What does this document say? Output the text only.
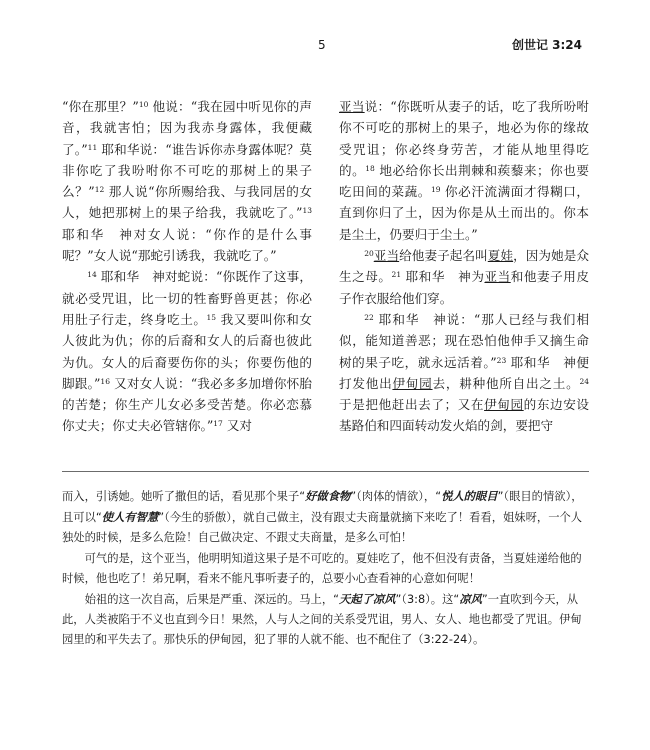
5	创世记 3:24

“你在那里？”$^{10}$ 他说：“我在园中听见你的声音，我就害怕；因为我赤身露体，我便藏了。”$^{11}$ 耶和华说：“谁告诉你赤身露体呢？莫非你吃了我吩咐你不可吃的那树上的果子么？”$^{12}$ 那人说“你所赐给我、与我同居的女人，她把那树上的果子给我，我就吃了。”$^{13}$ 耶和华　神对女人说：“你作的是什么事呢？”女人说“那蛇引诱我，我就吃了。”

$^{14}$ 耶和华　神对蛇说：“你既作了这事，就必受咒诅，比一切的牲畜野兽更甚；你必用肚子行走，终身吃土。$^{15}$ 我又要叫你和女人彼此为仇；你的后裔和女人的后裔也彼此为仇。女人的后裔要伤你的头；你要伤他的脚跟。”$^{16}$ 又对女人说：“我必多多加增你怀胎的苦楚；你生产儿女必多受苦楚。你必恋慕你丈夫；你丈夫必管辖你。”$^{17}$ 又对

亚当说：“你既听从妻子的话，吃了我所吩咐你不可吃的那树上的果子，地必为你的缘故受咒诅；你必终身劳苦，才能从地里得吃的。$^{18}$ 地必给你长出荆棘和蒺藜来；你也要吃田间的菜蔬。$^{19}$ 你必汗流满面才得糊口，直到你归了土，因为你是从土而出的。你本是尘土，仍要归于尘土。”

$^{20}$亚当给他妻子起名叫夏娃，因为她是众生之母。$^{21}$ 耶和华　神为亚当和他妻子用皮子作衣服给他们穿。

$^{22}$ 耶和华　神说：“那人已经与我们相似，能知道善恶；现在恐怕他伸手又摘生命树的果子吃，就永远活着。”$^{23}$ 耶和华　神便打发他出伊甸园去，耕种他所自出之土。$^{24}$ 于是把他赶出去了；又在伊甸园的东边安设基路伯和四面转动发火焰的剑，要把守

而入，引诱她。她听了撒但的话，看见那个果子“好做食物”（肉体的情欲），“悦人的眼目”（眼目的情欲），且可以“使人有智慧”（今生的骄傲），就自己做主，没有跟丈夫商量就摘下来吃了！看看，姐妹呀，一个人独处的时候，是多么危险！自己做决定、不跟丈夫商量，是多么可怕！

可气的是，这个亚当，他明明知道这果子是不可吃的。夏娃吃了，他不但没有责备，当夏娃递给他的时候，他也吃了！弟兄啊，看来不能凡事听妻子的，总要小心查看神的心意如何呢！

始祖的这一次自高，后果是严重、深远的。马上，“天起了凉风”（3:8）。这“凉风”一直吹到今天，从此，人类被陷于不义也直到今日！果然，人与人之间的关系受咒诅，男人、女人、地也都受了咒诅。伊甸园里的和平失去了。那快乐的伊甸园，犯了罪的人就不能、也不配住了（3:22-24）。
